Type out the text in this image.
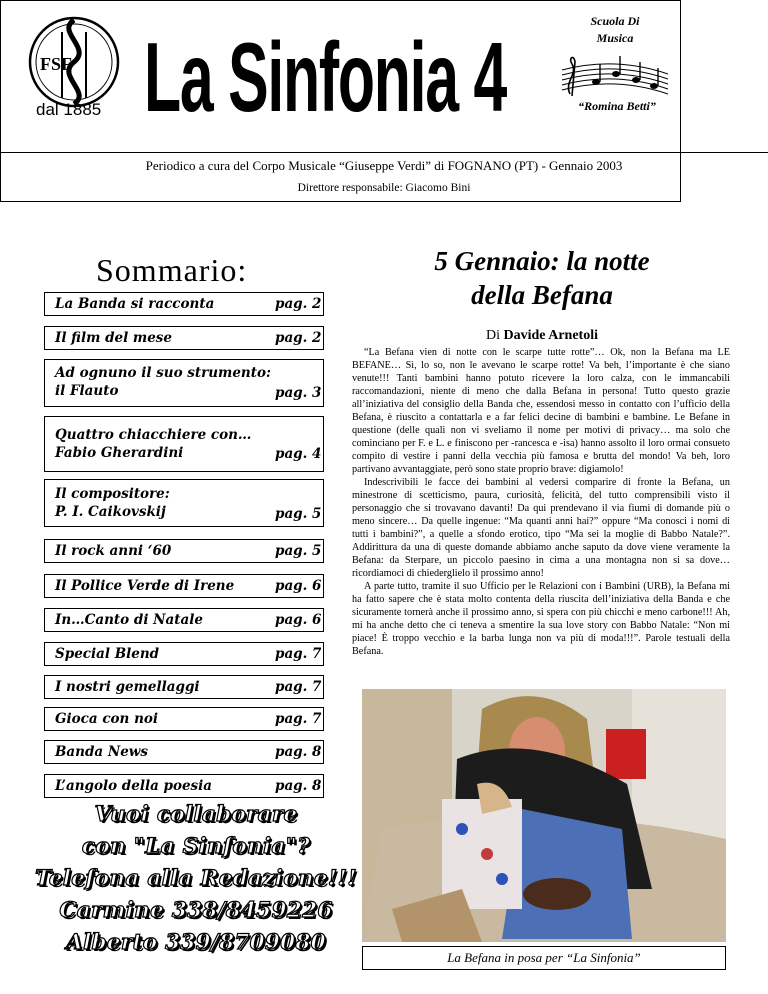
FSF
dal 1885 La Sinfonia 4
Scuola Di
Musica
“Romina Betti”
Periodico a cura del Corpo Musicale “Giuseppe Verdi” di FOGNANO (PT) - Gennaio 2003
Direttore responsabile: Giacomo Bini
Sommario:
La Banda si racconta	pag. 2
Il film del mese	pag. 2
Ad ognuno il suo strumento:
il Flauto	pag. 3
Quattro chiacchiere con…
Fabio Gherardini	pag. 4
Il compositore:
P. I. Caikovskij	pag. 5
Il rock anni ‘60	pag. 5
Il Pollice Verde di Irene	pag. 6
In…Canto di Natale	pag. 6
Special Blend	pag. 7
I nostri gemellaggi	pag. 7
Gioca con noi	pag. 7
Banda News	pag. 8
L’angolo della poesia	pag. 8
Vuoi collaborare
con "La Sinfonia"?
Telefona alla Redazione!!!
Carmine 338/8459226
Alberto 339/8709080
5 Gennaio: la notte
della Befana
Di Davide Arnetoli

“La Befana vien di notte con le scarpe tutte rotte”… Ok, non la Befana ma LE BEFANE… Sì, lo so, non le avevano le scarpe rotte! Va beh, l’importante è che siano venute!!! Tanti bambini hanno potuto ricevere la loro calza, con le immancabili raccomandazioni, niente di meno che dalla Befana in persona! Tutto questo grazie all’iniziativa del consiglio della Banda che, essendosi messo in contatto con l’ufficio della Befana, è riuscito a contattarla e a far felici decine di bambini e bambine. Le Befane in questione (delle quali non vi sveliamo il nome per motivi di privacy… ma solo che cominciano per F. e L. e finiscono per -rancesca e -isa) hanno assolto il loro ormai consueto compito di vestire i panni della vecchia più famosa e brutta del mondo! Va beh, loro partivano avvantaggiate, però sono state proprio brave: digiamolo!

Indescrivibili le facce dei bambini al vedersi comparire di fronte la Befana, un minestrone di scetticismo, paura, curiosità, felicità, del tutto comprensibili visto il personaggio che si trovavano davanti! Da qui prendevano il via fiumi di domande più o meno sincere… Da quelle ingenue: “Ma quanti anni hai?” oppure “Ma conosci i nomi di tutti i bambini?”, a quelle a sfondo erotico, tipo “Ma sei la moglie di Babbo Natale?”. Addirittura da una di queste domande abbiamo anche saputo da dove viene veramente la Befana: da Sterpare, un piccolo paesino in cima a una montagna non si sa dove… ricordiamoci di chiederglielo il prossimo anno!

A parte tutto, tramite il suo Ufficio per le Relazioni con i Bambini (URB), la Befana mi ha fatto sapere che è stata molto contenta della riuscita dell’iniziativa della Banda e che sicuramente tornerà anche il prossimo anno, si spera con più chicchi e meno carbone!!! Ah, mi ha anche detto che ci teneva a smentire la sua love story con Babbo Natale: “Non mi piace! È troppo vecchio e la barba lunga non va più di moda!!!”. Parole testuali della Befana.

La Befana in posa per “La Sinfonia”
